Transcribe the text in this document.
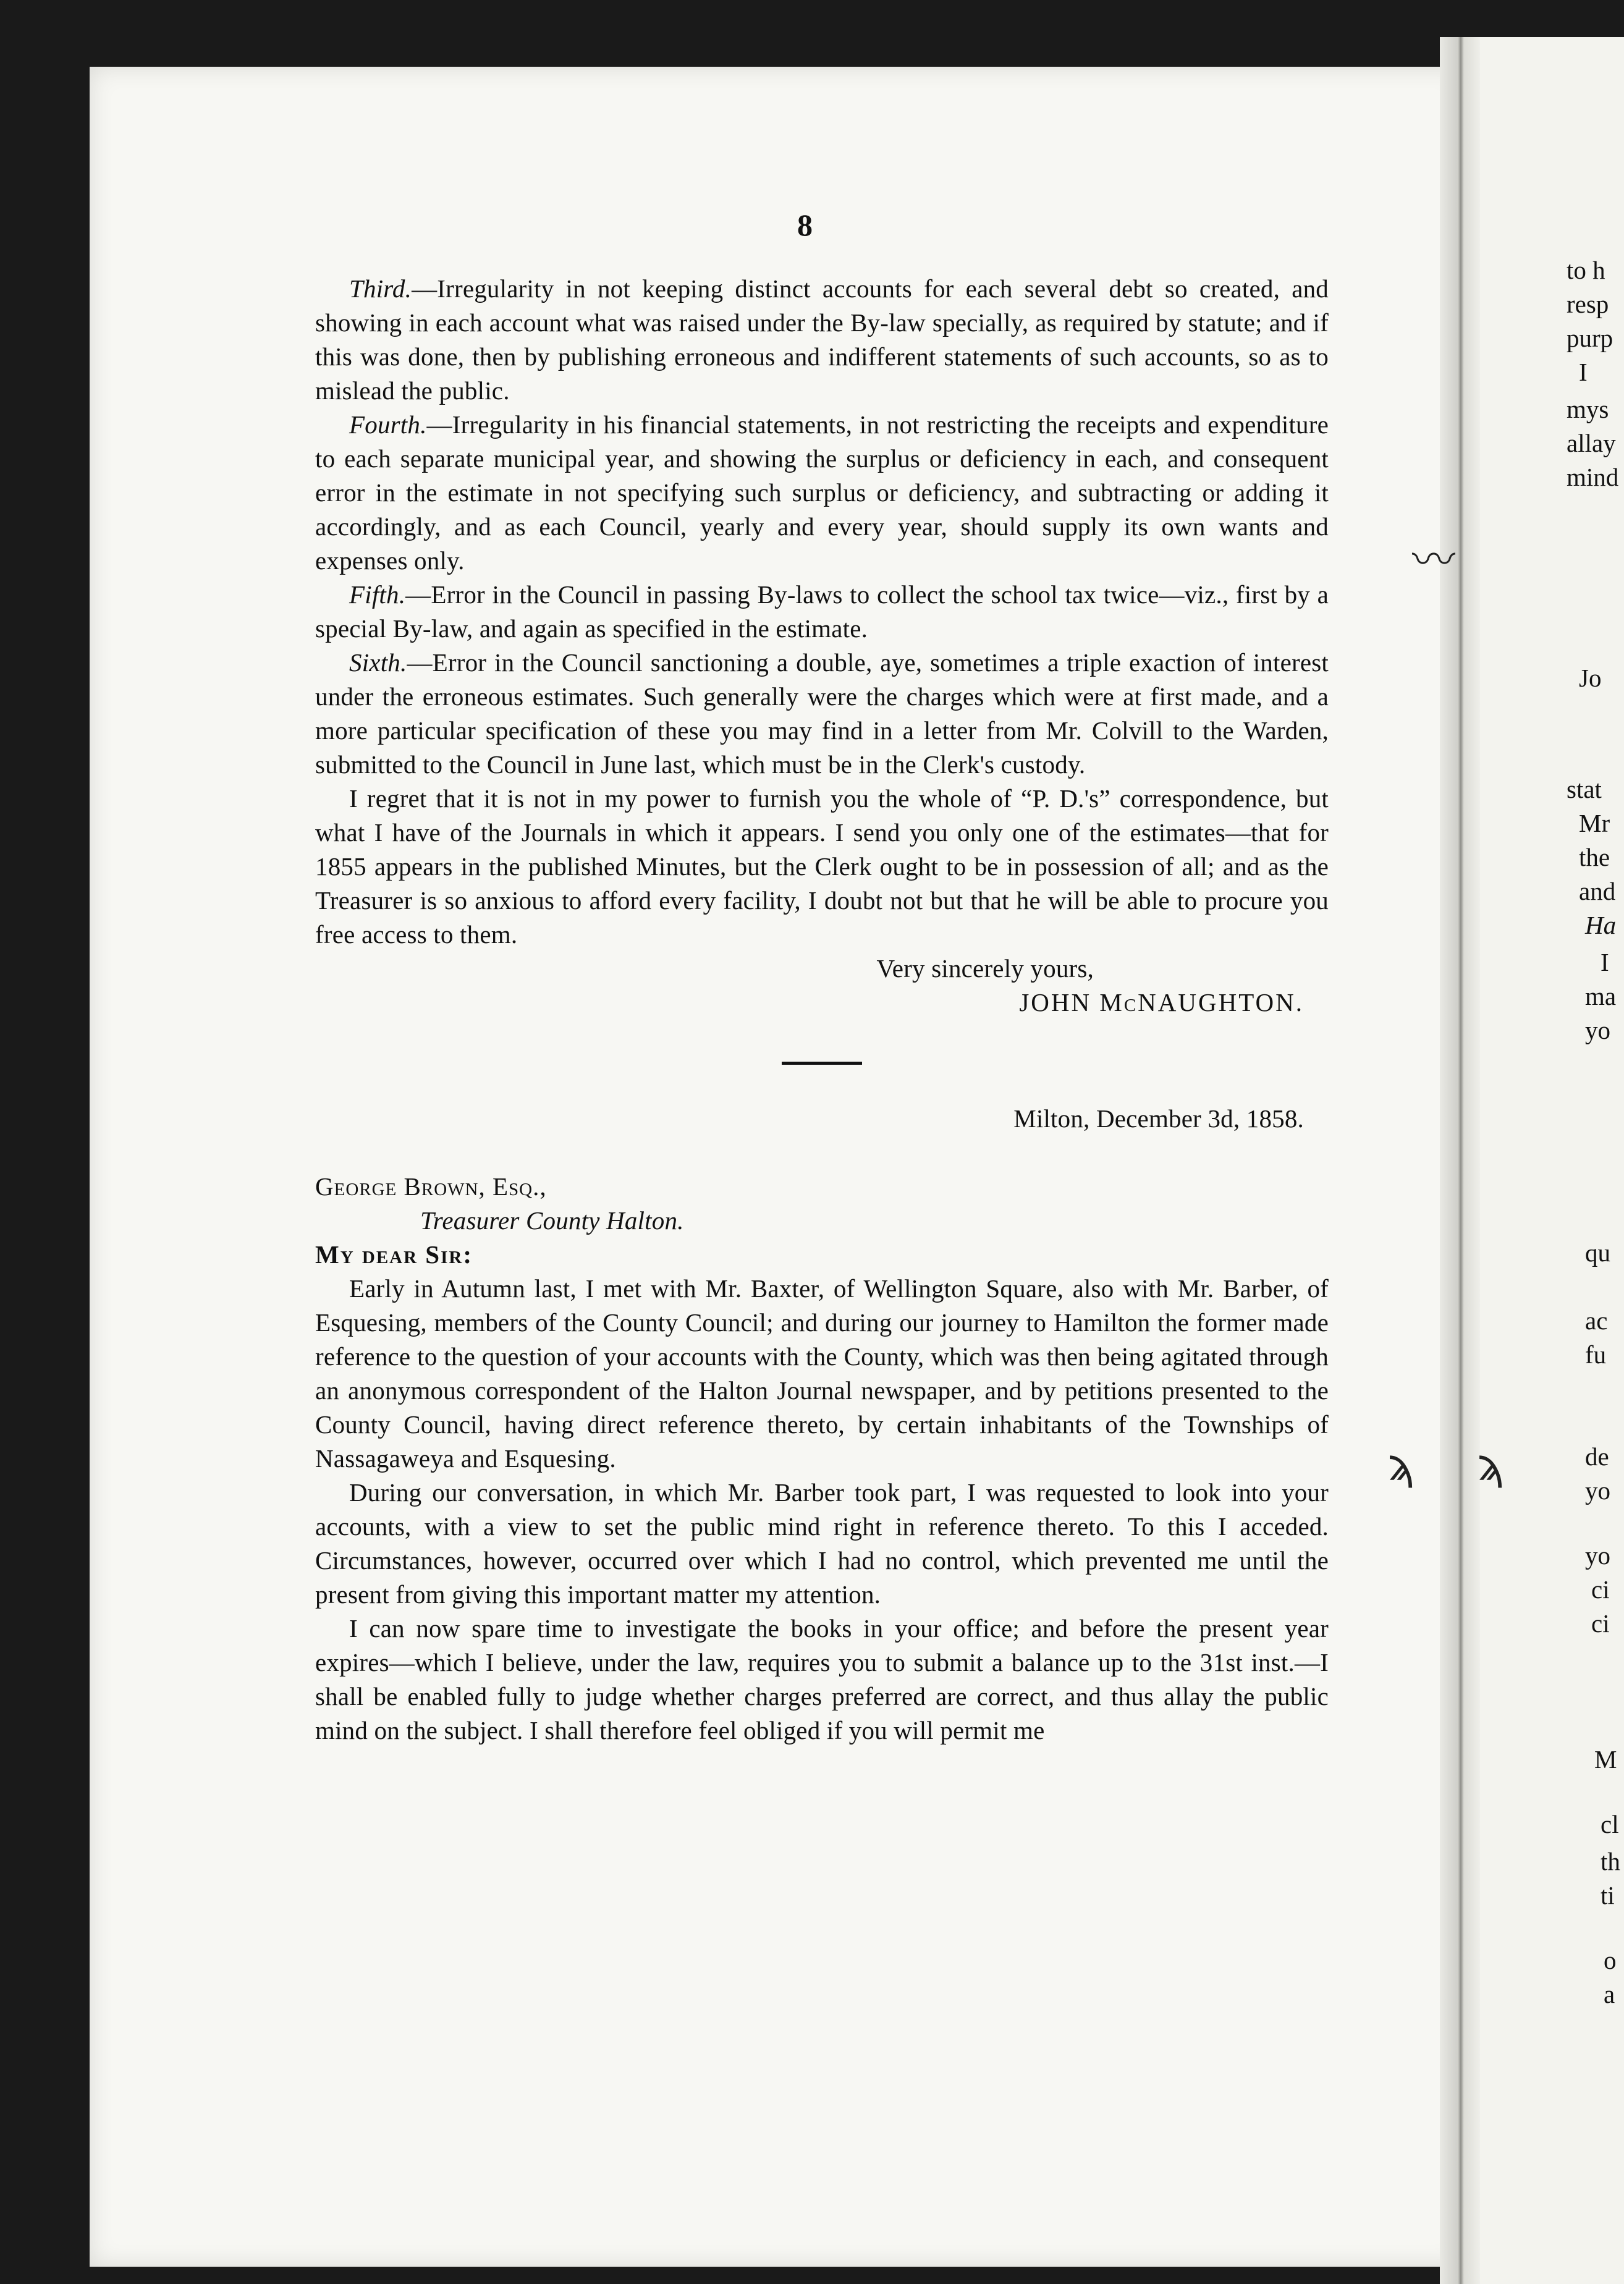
8

Third.—Irregularity in not keeping distinct accounts for each several debt so created, and showing in each account what was raised under the By-law specially, as required by statute; and if this was done, then by publishing erroneous and indifferent statements of such accounts, so as to mislead the public.

Fourth.—Irregularity in his financial statements, in not restricting the receipts and expenditure to each separate municipal year, and showing the surplus or deficiency in each, and consequent error in the estimate in not specifying such surplus or deficiency, and subtracting or adding it accordingly, and as each Council, yearly and every year, should supply its own wants and expenses only.

Fifth.—Error in the Council in passing By-laws to collect the school tax twice—viz., first by a special By-law, and again as specified in the estimate.

Sixth.—Error in the Council sanctioning a double, aye, sometimes a triple exaction of interest under the erroneous estimates. Such generally were the charges which were at first made, and a more particular specification of these you may find in a letter from Mr. Colvill to the Warden, submitted to the Council in June last, which must be in the Clerk's custody.

I regret that it is not in my power to furnish you the whole of “P. D.'s” correspondence, but what I have of the Journals in which it appears. I send you only one of the estimates—that for 1855 appears in the published Minutes, but the Clerk ought to be in possession of all; and as the Treasurer is so anxious to afford every facility, I doubt not but that he will be able to procure you free access to them.

Very sincerely yours,

JOHN McNAUGHTON.

Milton, December 3d, 1858.

George Brown, Esq.,

Treasurer County Halton.

My dear Sir:

Early in Autumn last, I met with Mr. Baxter, of Wellington Square, also with Mr. Barber, of Esquesing, members of the County Council; and during our journey to Hamilton the former made reference to the question of your accounts with the County, which was then being agitated through an anonymous correspondent of the Halton Journal newspaper, and by petitions presented to the County Council, having direct reference thereto, by certain inhabitants of the Townships of Nassagaweya and Esquesing.

During our conversation, in which Mr. Barber took part, I was requested to look into your accounts, with a view to set the public mind right in reference thereto. To this I acceded. Circumstances, however, occurred over which I had no control, which prevented me until the present from giving this important matter my attention.

I can now spare time to investigate the books in your office; and before the present year expires—which I believe, under the law, requires you to submit a balance up to the 31st inst.—I shall be enabled fully to judge whether charges preferred are correct, and thus allay the public mind on the subject. I shall therefore feel obliged if you will permit me

to h
resp
purp
I
mys
allay
mind
Jo
stat
Mr
the
and
Ha
I
ma
yo
qu
ac
fu
de
yo
yo
ci
ci
M
cl
th
ti
o
a
〰
ϡ ϡ
